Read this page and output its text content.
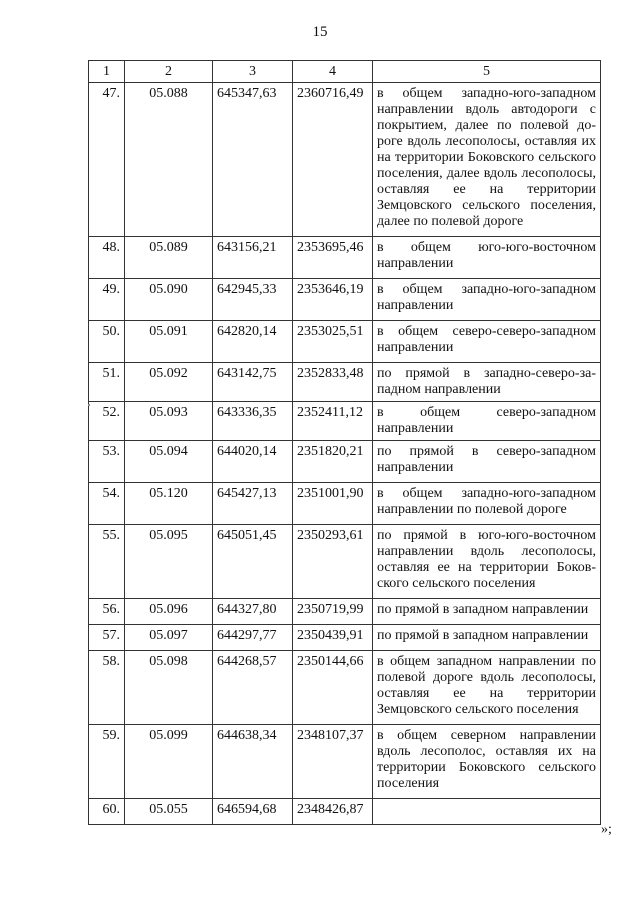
15
1	2	3	4	5
47.	05.088	645347,63	2360716,49	в общем западно-юго-западном направлении вдоль автодороги с покрытием, далее по полевой дороге вдоль лесополосы, оставляя их на территории Боковского сельского поселения, далее вдоль лесополосы, оставляя ее на территории Земцовского сельского поселения, далее по полевой дороге
48.	05.089	643156,21	2353695,46	в общем юго-юго-восточном направлении
49.	05.090	642945,33	2353646,19	в общем западно-юго-западном направлении
50.	05.091	642820,14	2353025,51	в общем северо-северо-западном направлении
51.	05.092	643142,75	2352833,48	по прямой в западно-северо-западном направлении
52.	05.093	643336,35	2352411,12	в общем северо-западном направлении
53.	05.094	644020,14	2351820,21	по прямой в северо-западном направлении
54.	05.120	645427,13	2351001,90	в общем западно-юго-западном направлении по полевой дороге
55.	05.095	645051,45	2350293,61	по прямой в юго-юго-восточном направлении вдоль лесополосы, оставляя ее на территории Боковского сельского поселения
56.	05.096	644327,80	2350719,99	по прямой в западном направлении
57.	05.097	644297,77	2350439,91	по прямой в западном направлении
58.	05.098	644268,57	2350144,66	в общем западном направлении по полевой дороге вдоль лесополосы, оставляя ее на территории Земцовского сельского поселения
59.	05.099	644638,34	2348107,37	в общем северном направлении вдоль лесополос, оставляя их на территории Боковского сельского поселения
60.	05.055	646594,68	2348426,87	
»;
